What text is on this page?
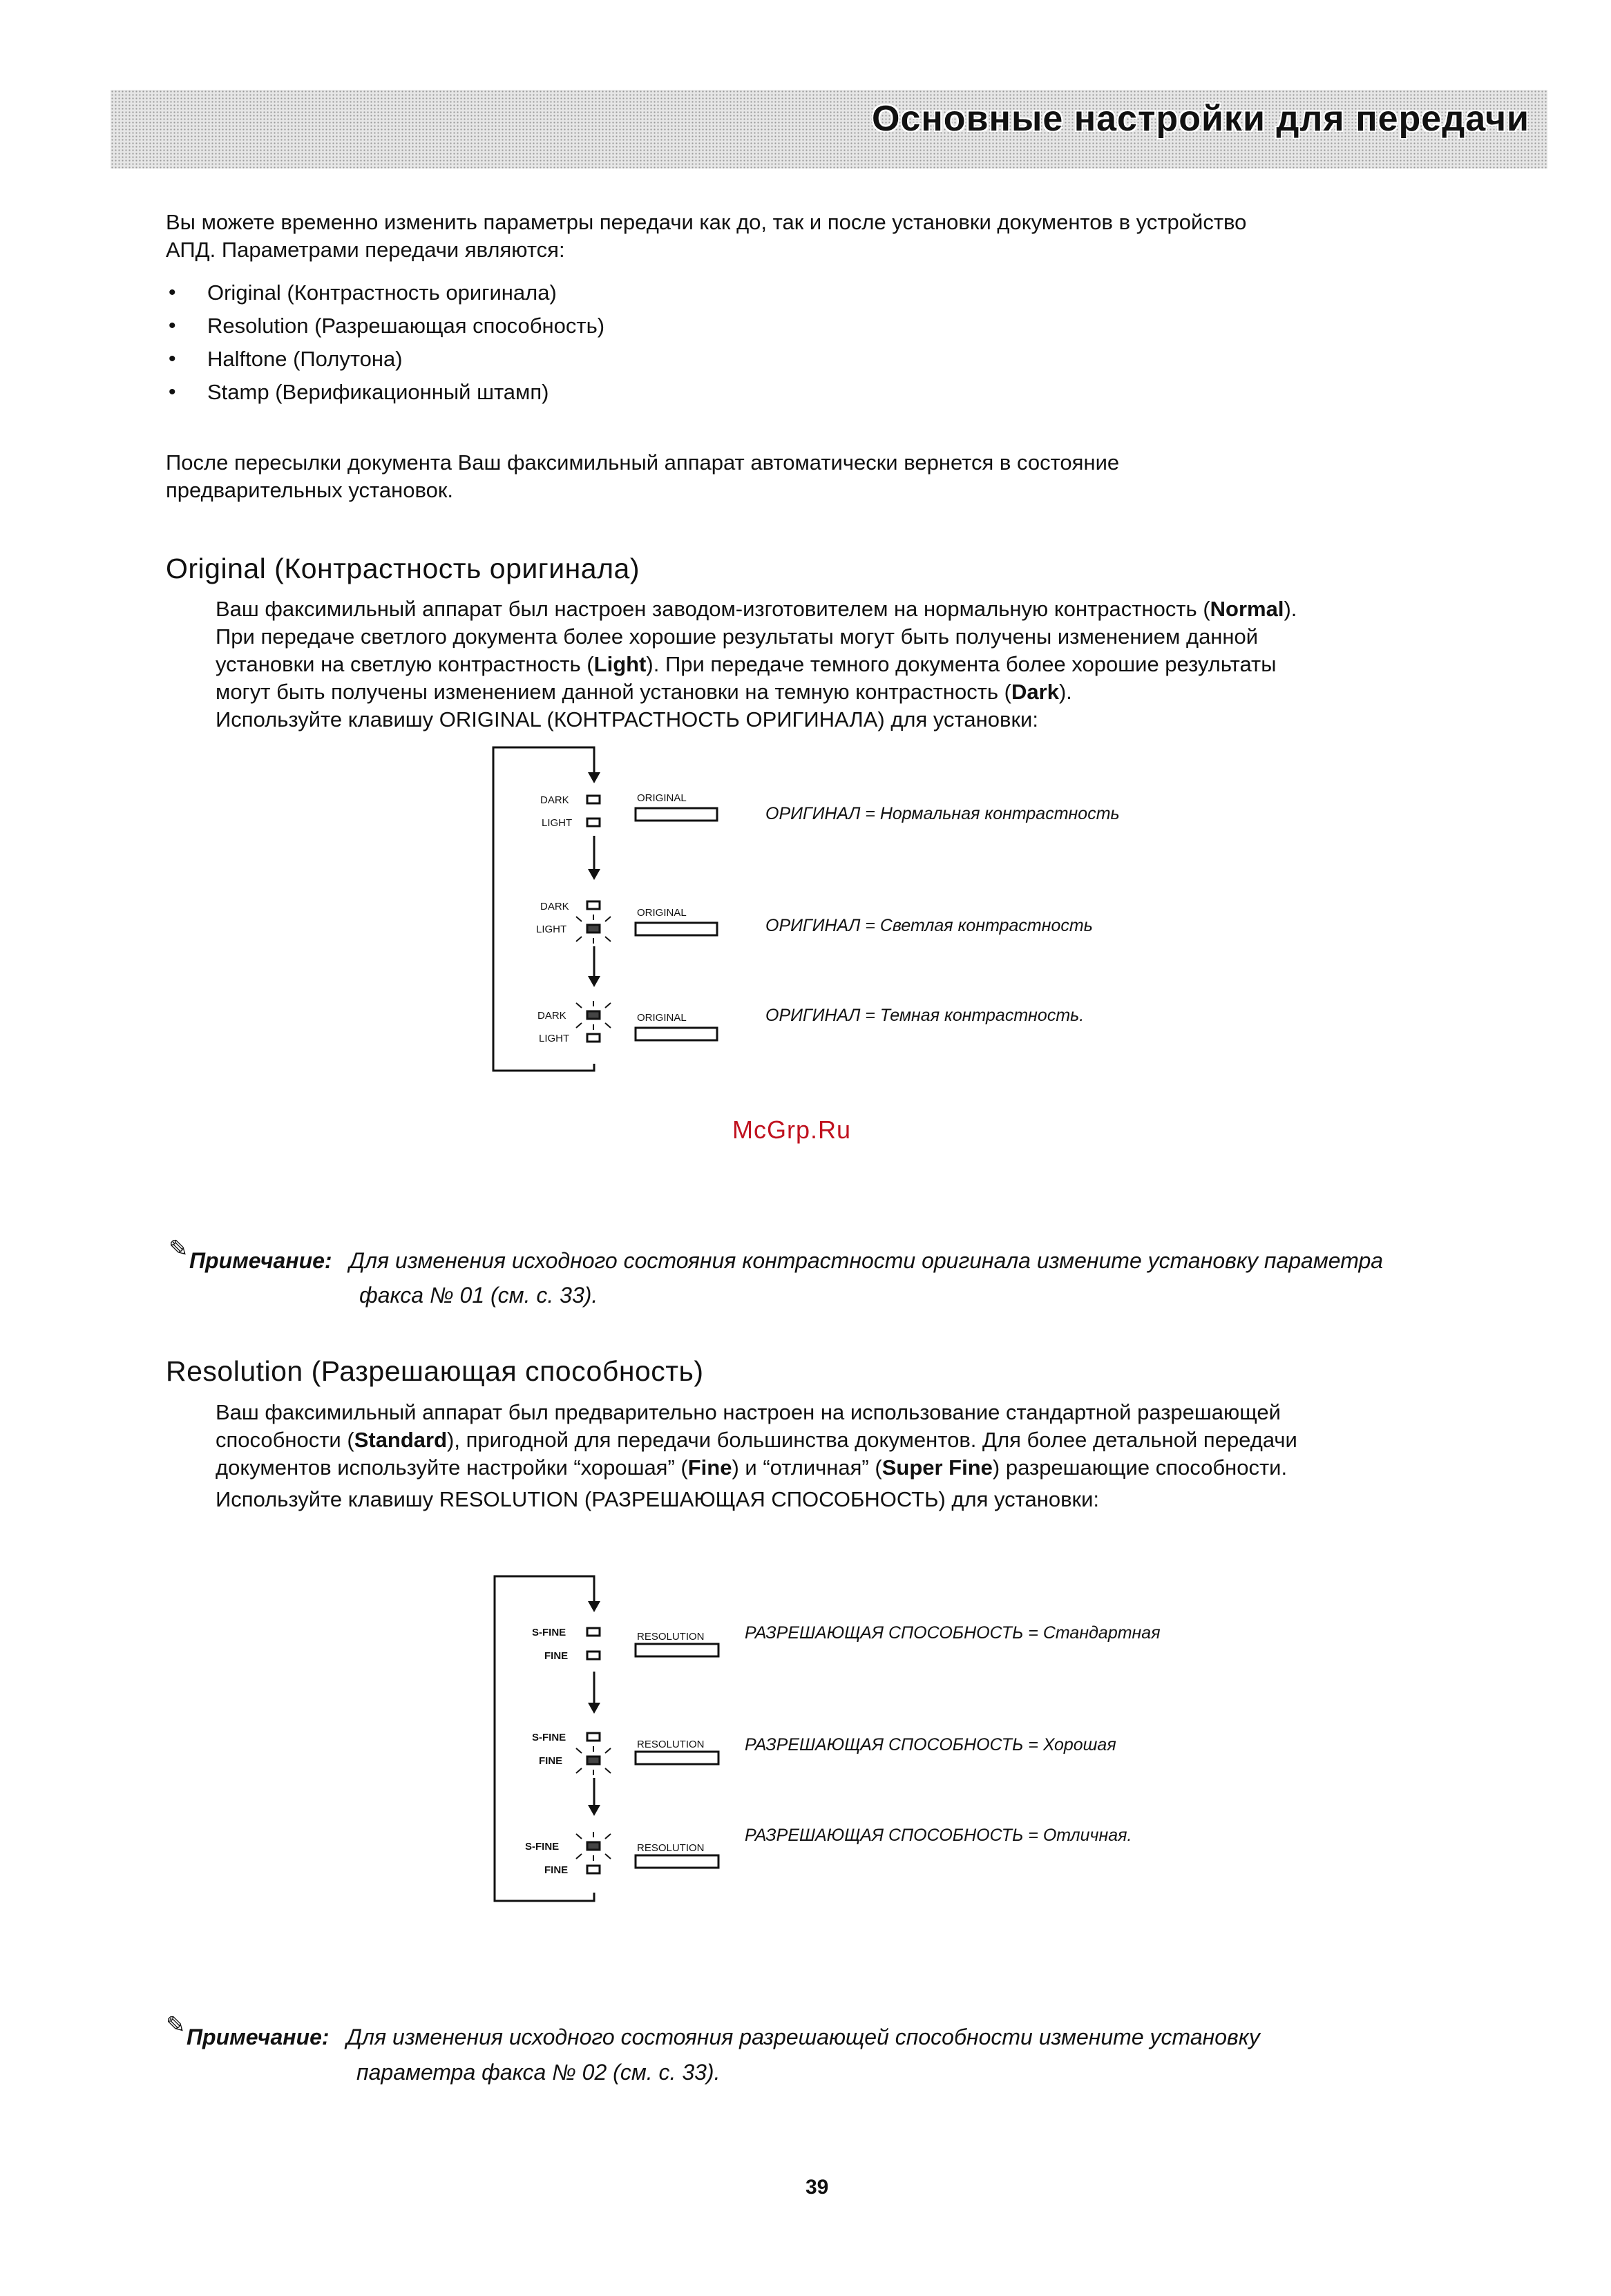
Основные настройки для передачи
Вы можете временно изменить параметры передачи как до, так и после установки документов в устройство
АПД. Параметрами передачи являются:
• Original (Контрастность оригинала)
• Resolution (Разрешающая способность)
• Halftone (Полутона)
• Stamp (Верификационный штамп)
После пересылки документа Ваш факсимильный аппарат автоматически вернется в состояние
предварительных установок.
Original (Контрастность оригинала)
Ваш факсимильный аппарат был настроен заводом-изготовителем на нормальную контрастность (Normal).
При передаче светлого документа более хорошие результаты могут быть получены изменением данной
установки на светлую контрастность (Light). При передаче темного документа более хорошие результаты
могут быть получены изменением данной установки на темную контрастность (Dark).
Используйте клавишу ORIGINAL (КОНТРАСТНОСТЬ ОРИГИНАЛА) для установки:
DARK
LIGHT
ORIGINAL
DARK
LIGHT
ORIGINAL
DARK
LIGHT
ORIGINAL
ОРИГИНАЛ = Нормальная контрастность
ОРИГИНАЛ = Светлая контрастность
ОРИГИНАЛ = Темная контрастность.
McGrp.Ru
✎ Примечание: Для изменения исходного состояния контрастности оригинала измените установку параметра
факса № 01 (см. с. 33).
Resolution (Разрешающая способность)
Ваш факсимильный аппарат был предварительно настроен на использование стандартной разрешающей
способности (Standard), пригодной для передачи большинства документов. Для более детальной передачи
документов используйте настройки “хорошая” (Fine) и “отличная” (Super Fine) разрешающие способности.
Используйте клавишу RESOLUTION (РАЗРЕШАЮЩАЯ СПОСОБНОСТЬ) для установки:
S-FINE
FINE
RESOLUTION
S-FINE
FINE
RESOLUTION
S-FINE
FINE
RESOLUTION
РАЗРЕШАЮЩАЯ СПОСОБНОСТЬ = Стандартная
РАЗРЕШАЮЩАЯ СПОСОБНОСТЬ = Хорошая
РАЗРЕШАЮЩАЯ СПОСОБНОСТЬ = Отличная.
✎ Примечание: Для изменения исходного состояния разрешающей способности измените установку
параметра факса № 02 (см. с. 33).
39
